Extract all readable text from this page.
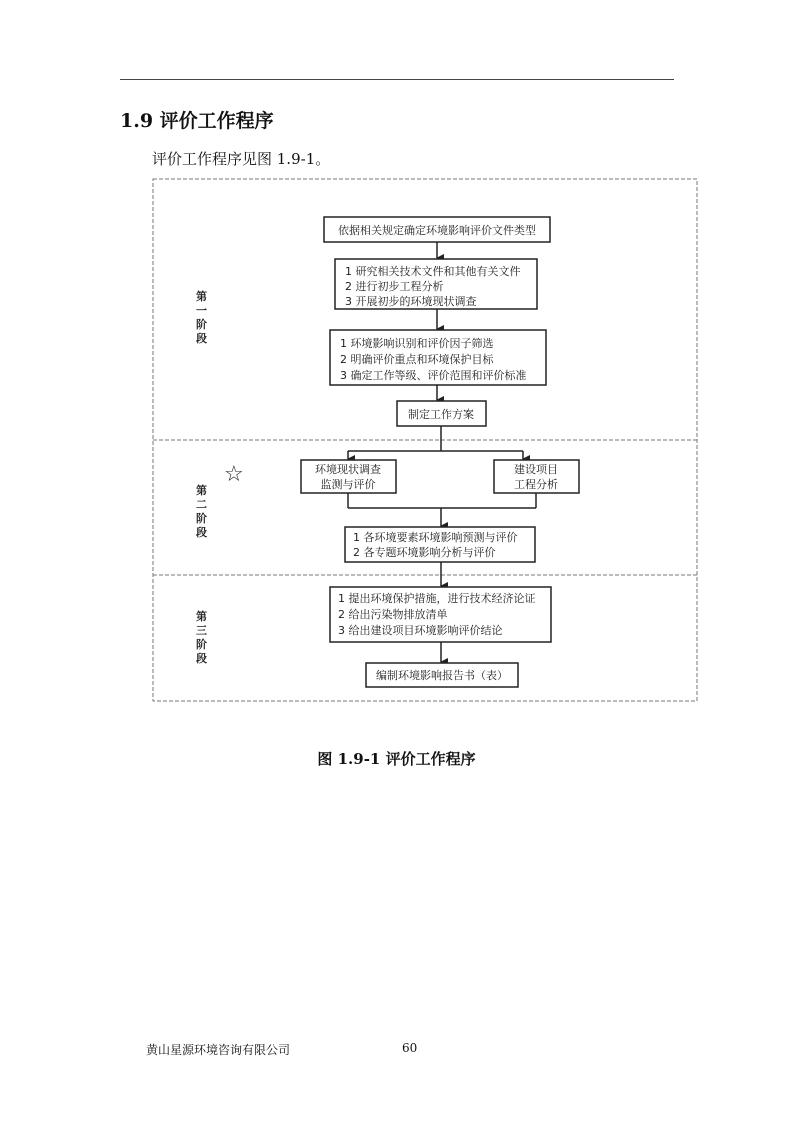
1.9 评价工作程序
评价工作程序见图 1.9-1。
第
一
阶
段
第
二
阶
段
第
三
阶
段
☆
依据相关规定确定环境影响评价文件类型
1 研究相关技术文件和其他有关文件
2 进行初步工程分析
3 开展初步的环境现状调查
1 环境影响识别和评价因子筛选
2 明确评价重点和环境保护目标
3 确定工作等级、评价范围和评价标准
制定工作方案
环境现状调查
监测与评价
建设项目
工程分析
1 各环境要素环境影响预测与评价
2 各专题环境影响分析与评价
1 提出环境保护措施，进行技术经济论证
2 给出污染物排放清单
3 给出建设项目环境影响评价结论
编制环境影响报告书（表）
图 1.9-1 评价工作程序
黄山星源环境咨询有限公司	60
